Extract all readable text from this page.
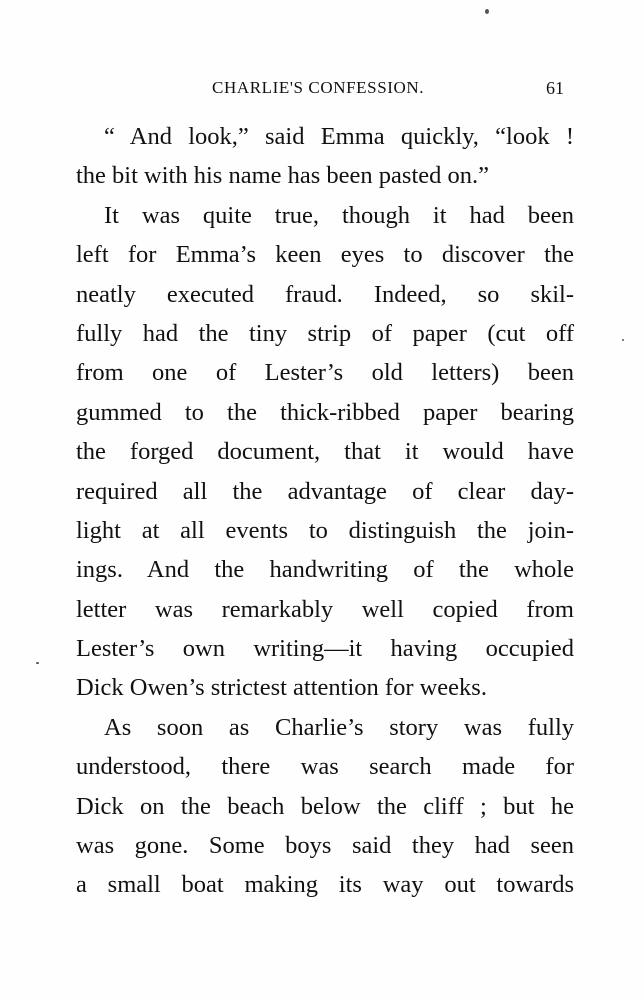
CHARLIE'S CONFESSION.	61
“ And look,” said Emma quickly, “look !
the bit with his name has been pasted on.”
It was quite true, though it had been
left for Emma’s keen eyes to discover the
neatly executed fraud. Indeed, so skil-
fully had the tiny strip of paper (cut off
from one of Lester’s old letters) been
gummed to the thick-ribbed paper bearing
the forged document, that it would have
required all the advantage of clear day-
light at all events to distinguish the join-
ings. And the handwriting of the whole
letter was remarkably well copied from
Lester’s own writing—it having occupied
Dick Owen’s strictest attention for weeks.
As soon as Charlie’s story was fully
understood, there was search made for
Dick on the beach below the cliff ; but he
was gone. Some boys said they had seen
a small boat making its way out towards
